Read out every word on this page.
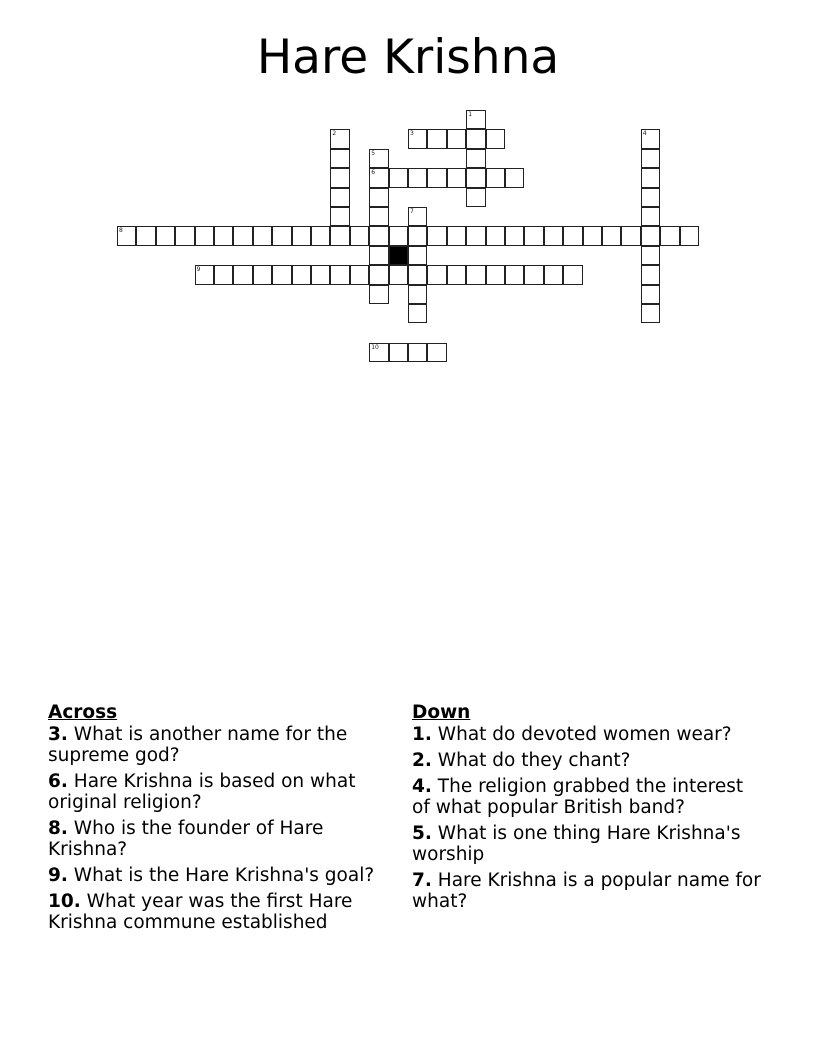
Hare Krishna
1
2	3	4
5
6
7
8
9
10
Across
3. What is another name for the supreme god?
6. Hare Krishna is based on what original religion?
8. Who is the founder of Hare Krishna?
9. What is the Hare Krishna's goal?
10. What year was the first Hare Krishna commune established
Down
1. What do devoted women wear?
2. What do they chant?
4. The religion grabbed the interest of what popular British band?
5. What is one thing Hare Krishna's worship
7. Hare Krishna is a popular name for what?
